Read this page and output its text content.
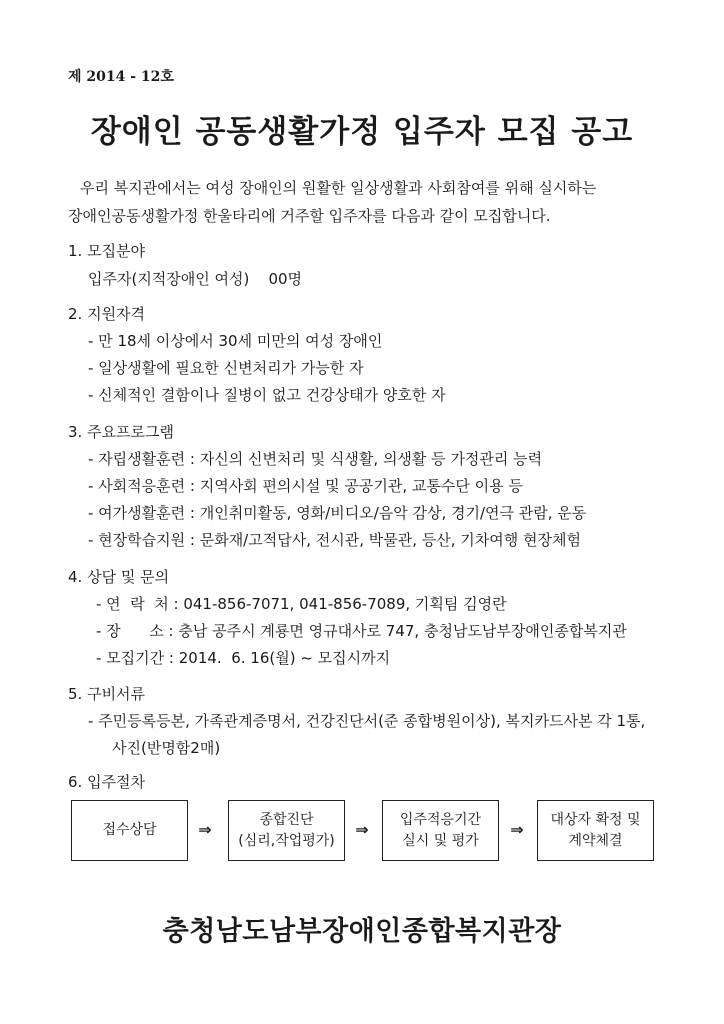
제 2014 - 12호
장애인 공동생활가정 입주자 모집 공고
우리 복지관에서는 여성 장애인의 원활한 일상생활과 사회참여를 위해 실시하는
장애인공동생활가정 한울타리에 거주할 입주자를 다음과 같이 모집합니다.
1. 모집분야
입주자(지적장애인 여성)    00명
2. 지원자격
- 만 18세 이상에서 30세 미만의 여성 장애인
- 일상생활에 필요한 신변처리가 가능한 자
- 신체적인 결함이나 질병이 없고 건강상태가 양호한 자
3. 주요프로그램
- 자립생활훈련 : 자신의 신변처리 및 식생활, 의생활 등 가정관리 능력
- 사회적응훈련 : 지역사회 편의시설 및 공공기관, 교통수단 이용 등
- 여가생활훈련 : 개인취미활동, 영화/비디오/음악 감상, 경기/연극 관람, 운동
- 현장학습지원 : 문화재/고적답사, 전시관, 박물관, 등산, 기차여행 현장체험
4. 상담 및 문의
- 연  락  처 : 041-856-7071, 041-856-7089, 기획팀 김영란
- 장      소 : 충남 공주시 계룡면 영규대사로 747, 충청남도남부장애인종합복지관
- 모집기간 : 2014.  6. 16(월) ~ 모집시까지
5. 구비서류
- 주민등록등본, 가족관계증명서, 건강진단서(준 종합병원이상), 복지카드사본 각 1통,
사진(반명함2매)
6. 입주절차
접수상담	⇒	종합진단
(심리,작업평가)
⇒	입주적응기간
실시 및 평가
⇒	대상자 확정 및
계약체결
충청남도남부장애인종합복지관장
